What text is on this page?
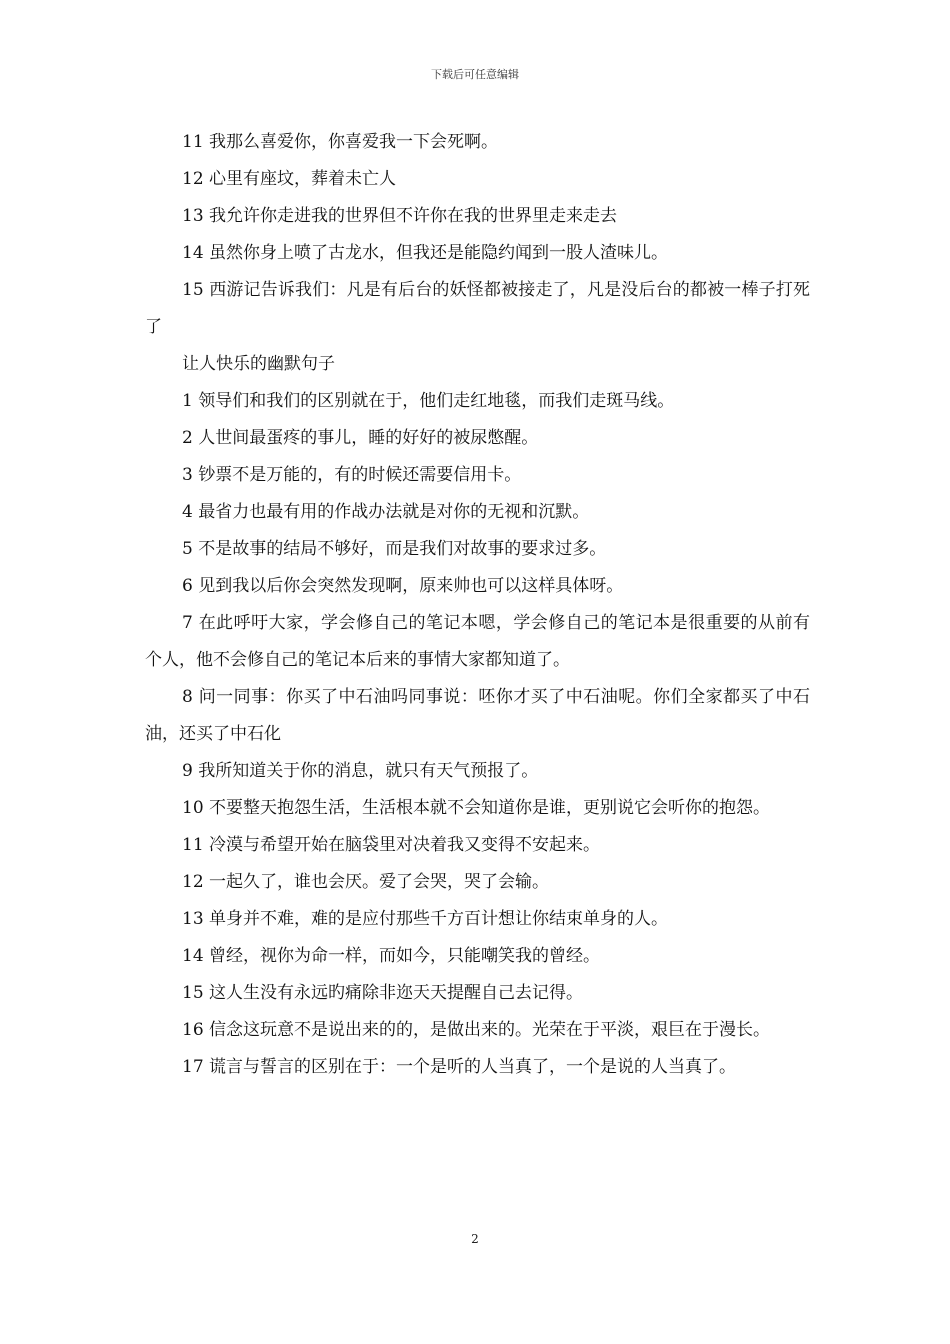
下载后可任意编辑

11 我那么喜爱你，你喜爱我一下会死啊。

12 心里有座坟，葬着未亡人

13 我允许你走进我的世界但不许你在我的世界里走来走去

14 虽然你身上喷了古龙水，但我还是能隐约闻到一股人渣味儿。

15 西游记告诉我们：凡是有后台的妖怪都被接走了，凡是没后台的都被一棒子打死了

让人快乐的幽默句子

1 领导们和我们的区别就在于，他们走红地毯，而我们走斑马线。

2 人世间最蛋疼的事儿，睡的好好的被尿憋醒。

3 钞票不是万能的，有的时候还需要信用卡。

4 最省力也最有用的作战办法就是对你的无视和沉默。

5 不是故事的结局不够好，而是我们对故事的要求过多。

6 见到我以后你会突然发现啊，原来帅也可以这样具体呀。

7 在此呼吁大家，学会修自己的笔记本嗯，学会修自己的笔记本是很重要的从前有个人，他不会修自己的笔记本后来的事情大家都知道了。

8 问一同事：你买了中石油吗同事说：呸你才买了中石油呢。你们全家都买了中石油，还买了中石化

9 我所知道关于你的消息，就只有天气预报了。

10 不要整天抱怨生活，生活根本就不会知道你是谁，更别说它会听你的抱怨。

11 冷漠与希望开始在脑袋里对决着我又变得不安起来。

12 一起久了，谁也会厌。爱了会哭，哭了会输。

13 单身并不难，难的是应付那些千方百计想让你结束单身的人。

14 曾经，视你为命一样，而如今，只能嘲笑我的曾经。

15 这人生没有永远旳痛除非迩天天提醒自己去记得。

16 信念这玩意不是说出来的的，是做出来的。光荣在于平淡，艰巨在于漫长。

17 谎言与誓言的区别在于：一个是听的人当真了，一个是说的人当真了。

2
